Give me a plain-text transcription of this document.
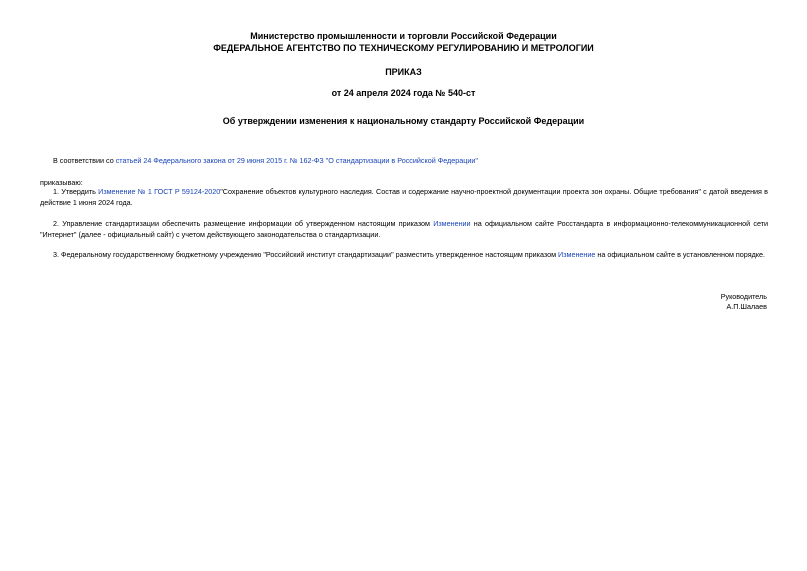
Министерство промышленности и торговли Российской Федерации
ФЕДЕРАЛЬНОЕ АГЕНТСТВО ПО ТЕХНИЧЕСКОМУ РЕГУЛИРОВАНИЮ И МЕТРОЛОГИИ
ПРИКАЗ
от 24 апреля 2024 года № 540-ст
Об утверждении изменения к национальному стандарту Российской Федерации
В соответствии со статьей 24 Федерального закона от 29 июня 2015 г. № 162-ФЗ "О стандартизации в Российской Федерации"
приказываю:
1. Утвердить Изменение № 1 ГОСТ Р 59124-2020"Сохранение объектов культурного наследия. Состав и содержание научно-проектной документации проекта зон охраны. Общие требования" с датой введения в действие 1 июня 2024 года.
2. Управление стандартизации обеспечить размещение информации об утвержденном настоящим приказом Изменении на официальном сайте Росстандарта в информационно-телекоммуникационной сети "Интернет" (далее - официальный сайт) с учетом действующего законодательства о стандартизации.
3. Федеральному государственному бюджетному учреждению "Российский институт стандартизации" разместить утвержденное настоящим приказом Изменение на официальном сайте в установленном порядке.
Руководитель
А.П.Шалаев
